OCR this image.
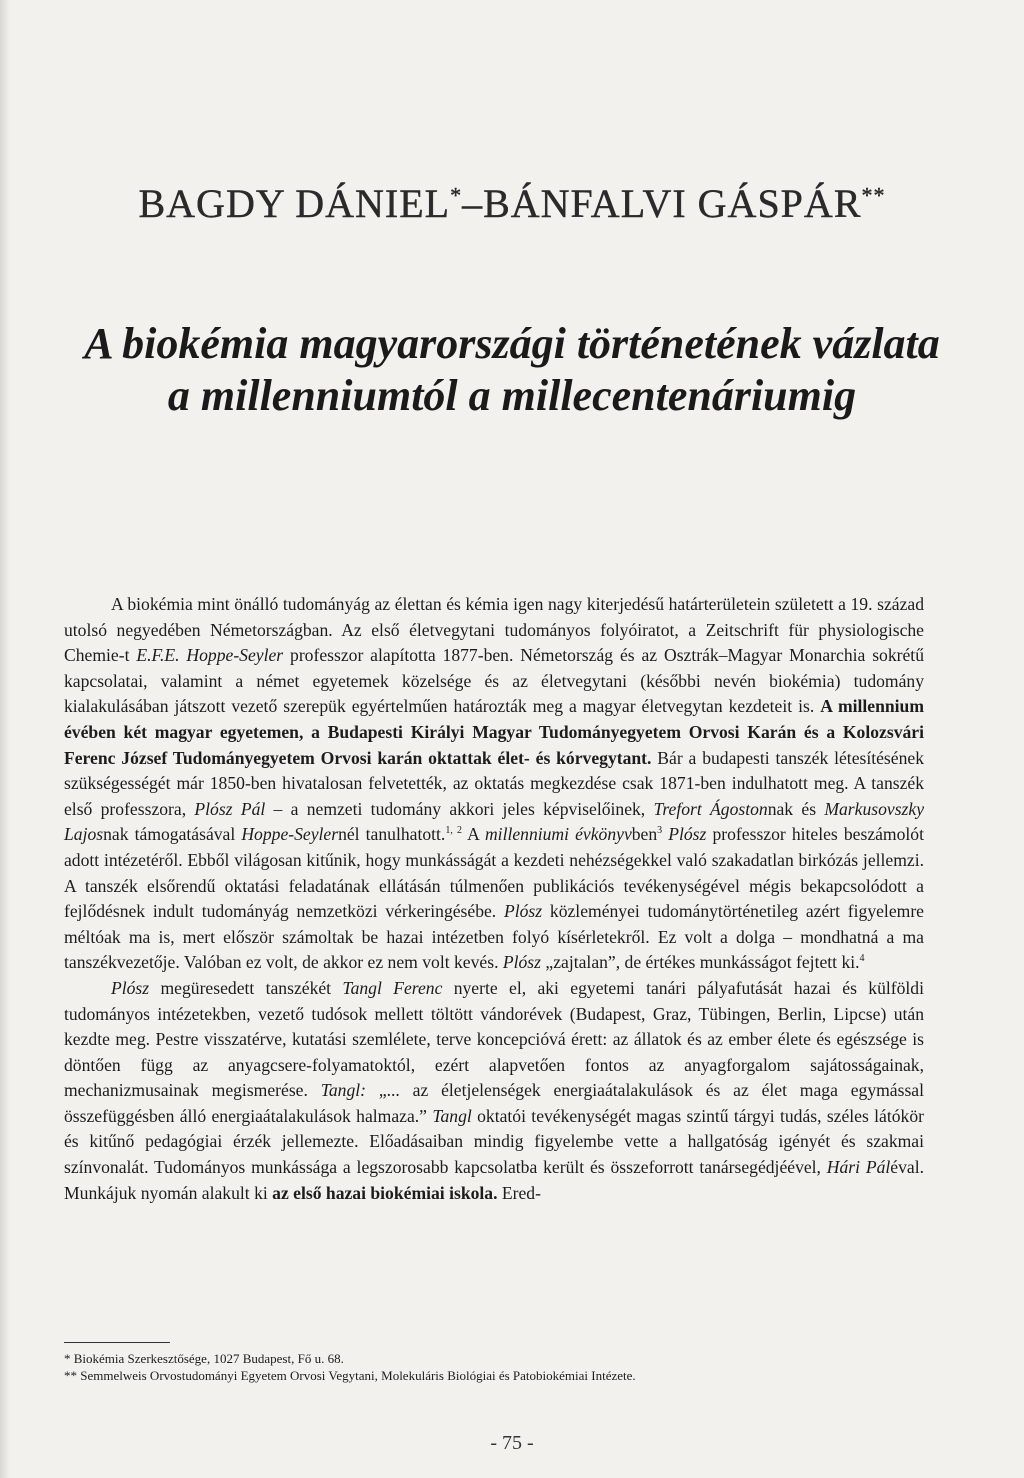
BAGDY DÁNIEL*–BÁNFALVI GÁSPÁR**
A biokémia magyarországi történetének vázlata
a millenniumtól a millecentenáriumig

A biokémia mint önálló tudományág az élettan és kémia igen nagy kiterjedésű határterületein született a 19. század utolsó negyedében Németországban. Az első életvegytani tudományos folyóiratot, a Zeitschrift für physiologische Chemie-t E.F.E. Hoppe-Seyler professzor alapította 1877-ben. Németország és az Osztrák–Magyar Monarchia sokrétű kapcsolatai, valamint a német egyetemek közelsége és az életvegytani (későbbi nevén biokémia) tudomány kialakulásában játszott vezető szerepük egyértelműen határozták meg a magyar életvegytan kezdeteit is. A millennium évében két magyar egyetemen, a Budapesti Királyi Magyar Tudományegyetem Orvosi Karán és a Kolozsvári Ferenc József Tudományegyetem Orvosi karán oktattak élet- és kórvegytant. Bár a budapesti tanszék létesítésének szükségességét már 1850-ben hivatalosan felvetették, az oktatás megkezdése csak 1871-ben indulhatott meg. A tanszék első professzora, Plósz Pál – a nemzeti tudomány akkori jeles képviselőinek, Trefort Ágostonnak és Markusovszky Lajosnak támogatásával Hoppe-Seylernél tanulhatott.$^{1, 2}$ A millenniumi évkönyvben$^3$ Plósz professzor hiteles beszámolót adott intézetéről. Ebből világosan kitűnik, hogy munkásságát a kezdeti nehézségekkel való szakadatlan birkózás jellemzi. A tanszék elsőrendű oktatási feladatának ellátásán túlmenően publikációs tevékenységével mégis bekapcsolódott a fejlődésnek indult tudományág nemzetközi vérkeringésébe. Plósz közleményei tudománytörténetileg azért figyelemre méltóak ma is, mert először számoltak be hazai intézetben folyó kísérletekről. Ez volt a dolga – mondhatná a ma tanszékvezetője. Valóban ez volt, de akkor ez nem volt kevés. Plósz „zajtalan”, de értékes munkásságot fejtett ki.$^4$

Plósz megüresedett tanszékét Tangl Ferenc nyerte el, aki egyetemi tanári pályafutását hazai és külföldi tudományos intézetekben, vezető tudósok mellett töltött vándorévek (Budapest, Graz, Tübingen, Berlin, Lipcse) után kezdte meg. Pestre visszatérve, kutatási szemlélete, terve koncepcióvá érett: az állatok és az ember élete és egészsége is döntően függ az anyagcsere-folyamatoktól, ezért alapvetően fontos az anyagforgalom sajátosságainak, mechanizmusainak megismerése. Tangl: „... az életjelenségek energiaátalakulások és az élet maga egymással összefüggésben álló energiaátalakulások halmaza.” Tangl oktatói tevékenységét magas szintű tárgyi tudás, széles látókör és kitűnő pedagógiai érzék jellemezte. Előadásaiban mindig figyelembe vette a hallgatóság igényét és szakmai színvonalát. Tudományos munkássága a legszorosabb kapcsolatba került és összeforrott tanársegédjéével, Hári Páléval. Munkájuk nyomán alakult ki az első hazai biokémiai iskola. Ered-

* Biokémia Szerkesztősége, 1027 Budapest, Fő u. 68.
** Semmelweis Orvostudományi Egyetem Orvosi Vegytani, Molekuláris Biológiai és Patobiokémiai Intézete.
- 75 -
